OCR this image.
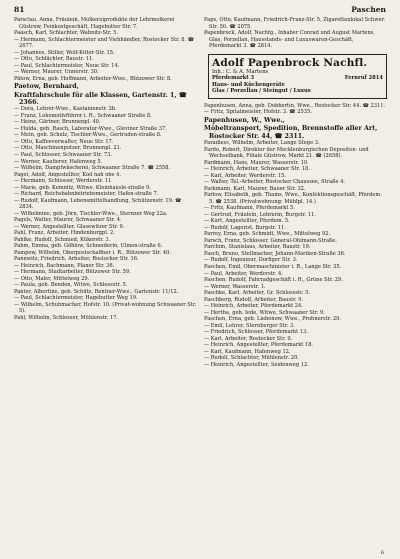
81	Paschen
Parsclau, Anna, Fräulein, Molkereiprodukte der Lehrmolkerei Güstrow, Feinkostgeschäft, Hagebutter Str. 7.
Paasch, Karl, Schlachter, Wabnitz-Str. 5.
— Hermann, Schlachtermeister und Viehhändler, Rostocker Str. 8. ☎ 2677.
— Johannes, Stiller, Wolf-Kitter-Str. 15.
— Otto, Schlächter, Baustr. 11.
— Paul, Schlachtermeister, Neue Str. 14.
— Werner, Maurer, Unnerstr. 30.
Pätow, Erna, geb. Hoffmann, Arbeiter-Wwe., Bützower Str. 8.
Paetow, Bernhard,
Kraftfahrschule für alle Klassen, Gartenstr. 1, ☎ 2366.
— Dora, Lehrer-Wwe., Kastanienstr. 2b.
— Franz, Lokomotivführer i. R., Schwaaner Straße 8.
— Heinz, Gärtner, Brunnenpl. 40.
— Hulda, geb. Rasch, Laboratur-Wwe., Gleviner Straße 37.
— Mein, geb. Schulz, Tischler-Wwe., Gertruden-straße 8.
— Otto, Kaffeeverwalter, Neue Str. 17.
— Otto, Maschinenputzer, Brunnenpl. 21.
— Paul, Schlosser, Schwaaner Str. 73.
— Werner, Kaufierer, Hafenweg 5.
— Wilhelm, Dampfwäscherei, Schwaaner Straße 7. ☎ 2558.
Pagel, Adolf, Angestellter, Kiel nah obe 4.
— Hermann, Schlosser, Werderstr. 11.
— Marie, geb. Kemnitz, Witwe, Kleinhausle-straße 9.
— Richard, Reichsbahnbetriebsmeister, Hafen-straße 7.
— Rudolf, Kaufmann, Lebensmittelhandlung, Schützenstr. 19. ☎ 2834.
— Wilhelmine, geb. Jörn, Tischler-Wwe., Sternzer Weg 22a.
Pagels, Walter, Maurer, Schwaaner Str. 4.
— Werner, Angestellter, Glasewitzer Str. 9.
Pahl, Franz, Arbeiter, Hindenburgpl. 2.
Pahlke, Rudolf, Schmied, Kükerstr. 3.
Pahm, Emma, geb. Göhlow, Schneiderin, Ulmen-straße 6.
Pampow, Wilhelm, Oberpostschaffner i. R., Bützower Str. 40.
Pannwitz, Friedrich, Arbeiter, Rostocker Str. 16.
— Heinrich, Bachmann, Planer Str. 36.
— Hermann, Stadtarbeiter, Bützower Str. 59.
— Otto, Maler, Mittelweg 29.
— Paula, geb. Benden, Witwe, Schlossstr. 5.
Panter, Albertine, geb. Schütz, Rentner-Wwe., Gartenstr. 11/12.
— Paul, Schlachtermeister, Hagebutter Weg 19.
— Wilhelm, Schuhmacher, Hofstr. 10. (Privat-wohnung Schwaaner Str. 5).
Pahl, Wilhelm, Schlosser, Mühlenstr. 17.
Paps, Otto, Kaufmann, Friedrich-Franz-Str. 5, Zigarettenlokal Schwer. Str. 50. ☎ 2075.
Papenbrock, Adolf, Nachfg., Inhaber Conrad und August Martens, Glas, Porzellan, Hausstands- und Luxuswaren-Geschäft, Pferdemarkt 3. ☎ 2814.
Adolf Papenbrock Nachfl.
Inh.: C. & A. Martens
Pferdemarkt 3	Fernruf 2814
Haus- und Küchengeräte
Glas / Porzellan / Steingut / Luxus
Papenhusen, Anna, geb. Dobbertin, Wwe., Rostocker Str. 44. ☎ 2311.
— Fritz, Spitalmeister, Hofstr. 3. ☎ 2535.
Papenhusen, W., Wwe.,
Möbeltransport, Spedition, Brennstoffe aller Art, Rostocker Str. 44, ☎ 2311.
Paradiess, Wilhelm, Arbeiter, Lange Stege 3.
Pardo, Robert, Direktor der Mecklenburgischen Depositen- und Wechselbank, Filiale Güstrow, Markt 21. ☎ (2658).
Pardmann, Hans, Maurer, Wasserstr. 10.
— Heinrich, Arbeiter, Schwaaner Str. 18.
— Karl, Arbeiter, Werderstr. 15.
— Walter, Tel.-Arbeiter, Rostocker Chaussee, Straße 4.
Parkmann, Karl, Maurer, Bauer Str. 32.
Parlow, Elisabeth, geb. Thams, Wwe., Konfektionsgeschäft, Pferdem. 5. ☎ 2538. (Privatwohnung: Mühlpl. 14.)
— Fritz, Kaufmann, Pferdemarkt 5.
— Gertrud, Fräulein, Lehrerin, Burgstr. 11.
— Kurt, Angestellter, Pferdem. 5.
— Rudolf, Lagerist, Burgstr. 11.
Parrey, Erna, geb. Schmidt, Wwe., Mittelweg 92.
Parsch, Franz, Schlosser, General-Ohlmann-Straße.
Parchim, Stanislaus, Arbeiter, Baustr. 19.
Pasch, Bruno, Stellmacher, Johann-Mariken-Straße 36.
— Rudolf, Ingenieur, Dorfiger Str. 3.
Paschen, Emil, Obermaschinister i. R., Lange Str. 35.
— Paul, Arbeiter, Werderstr. 4.
Paschen, Rudolf, Fahrradgeschäft i. R., Grüne Str. 29.
— Werner, Wasserstr. 1.
Paschke, Karl, Arbeiter, Gr. Schlossstr. 5.
Paschberg, Rudolf, Arbeiter, Baustr. 9.
— Heinrich, Arbeiter, Pferdemarkt 24.
— Hertha, geb. Iede, Witwe, Schwaaner Str. 9.
Paschen, Erna, geb. Liebenow, Wwe., Prohnerstr. 29.
— Emil, Lehrer, Sternberger Str. 3.
— Friedrich, Schlosser, Pferdemarkt 13.
— Karl, Arbeiter, Rostocker Str. 9.
— Heinrich, Angestellter, Pferdemarkt 18.
— Karl, Kaufmann, Hafenweg 12.
— Rudolf, Schlachter, Mühlenstr. 20.
— Heinrich, Angestellter, Seidenweg 12.
6
